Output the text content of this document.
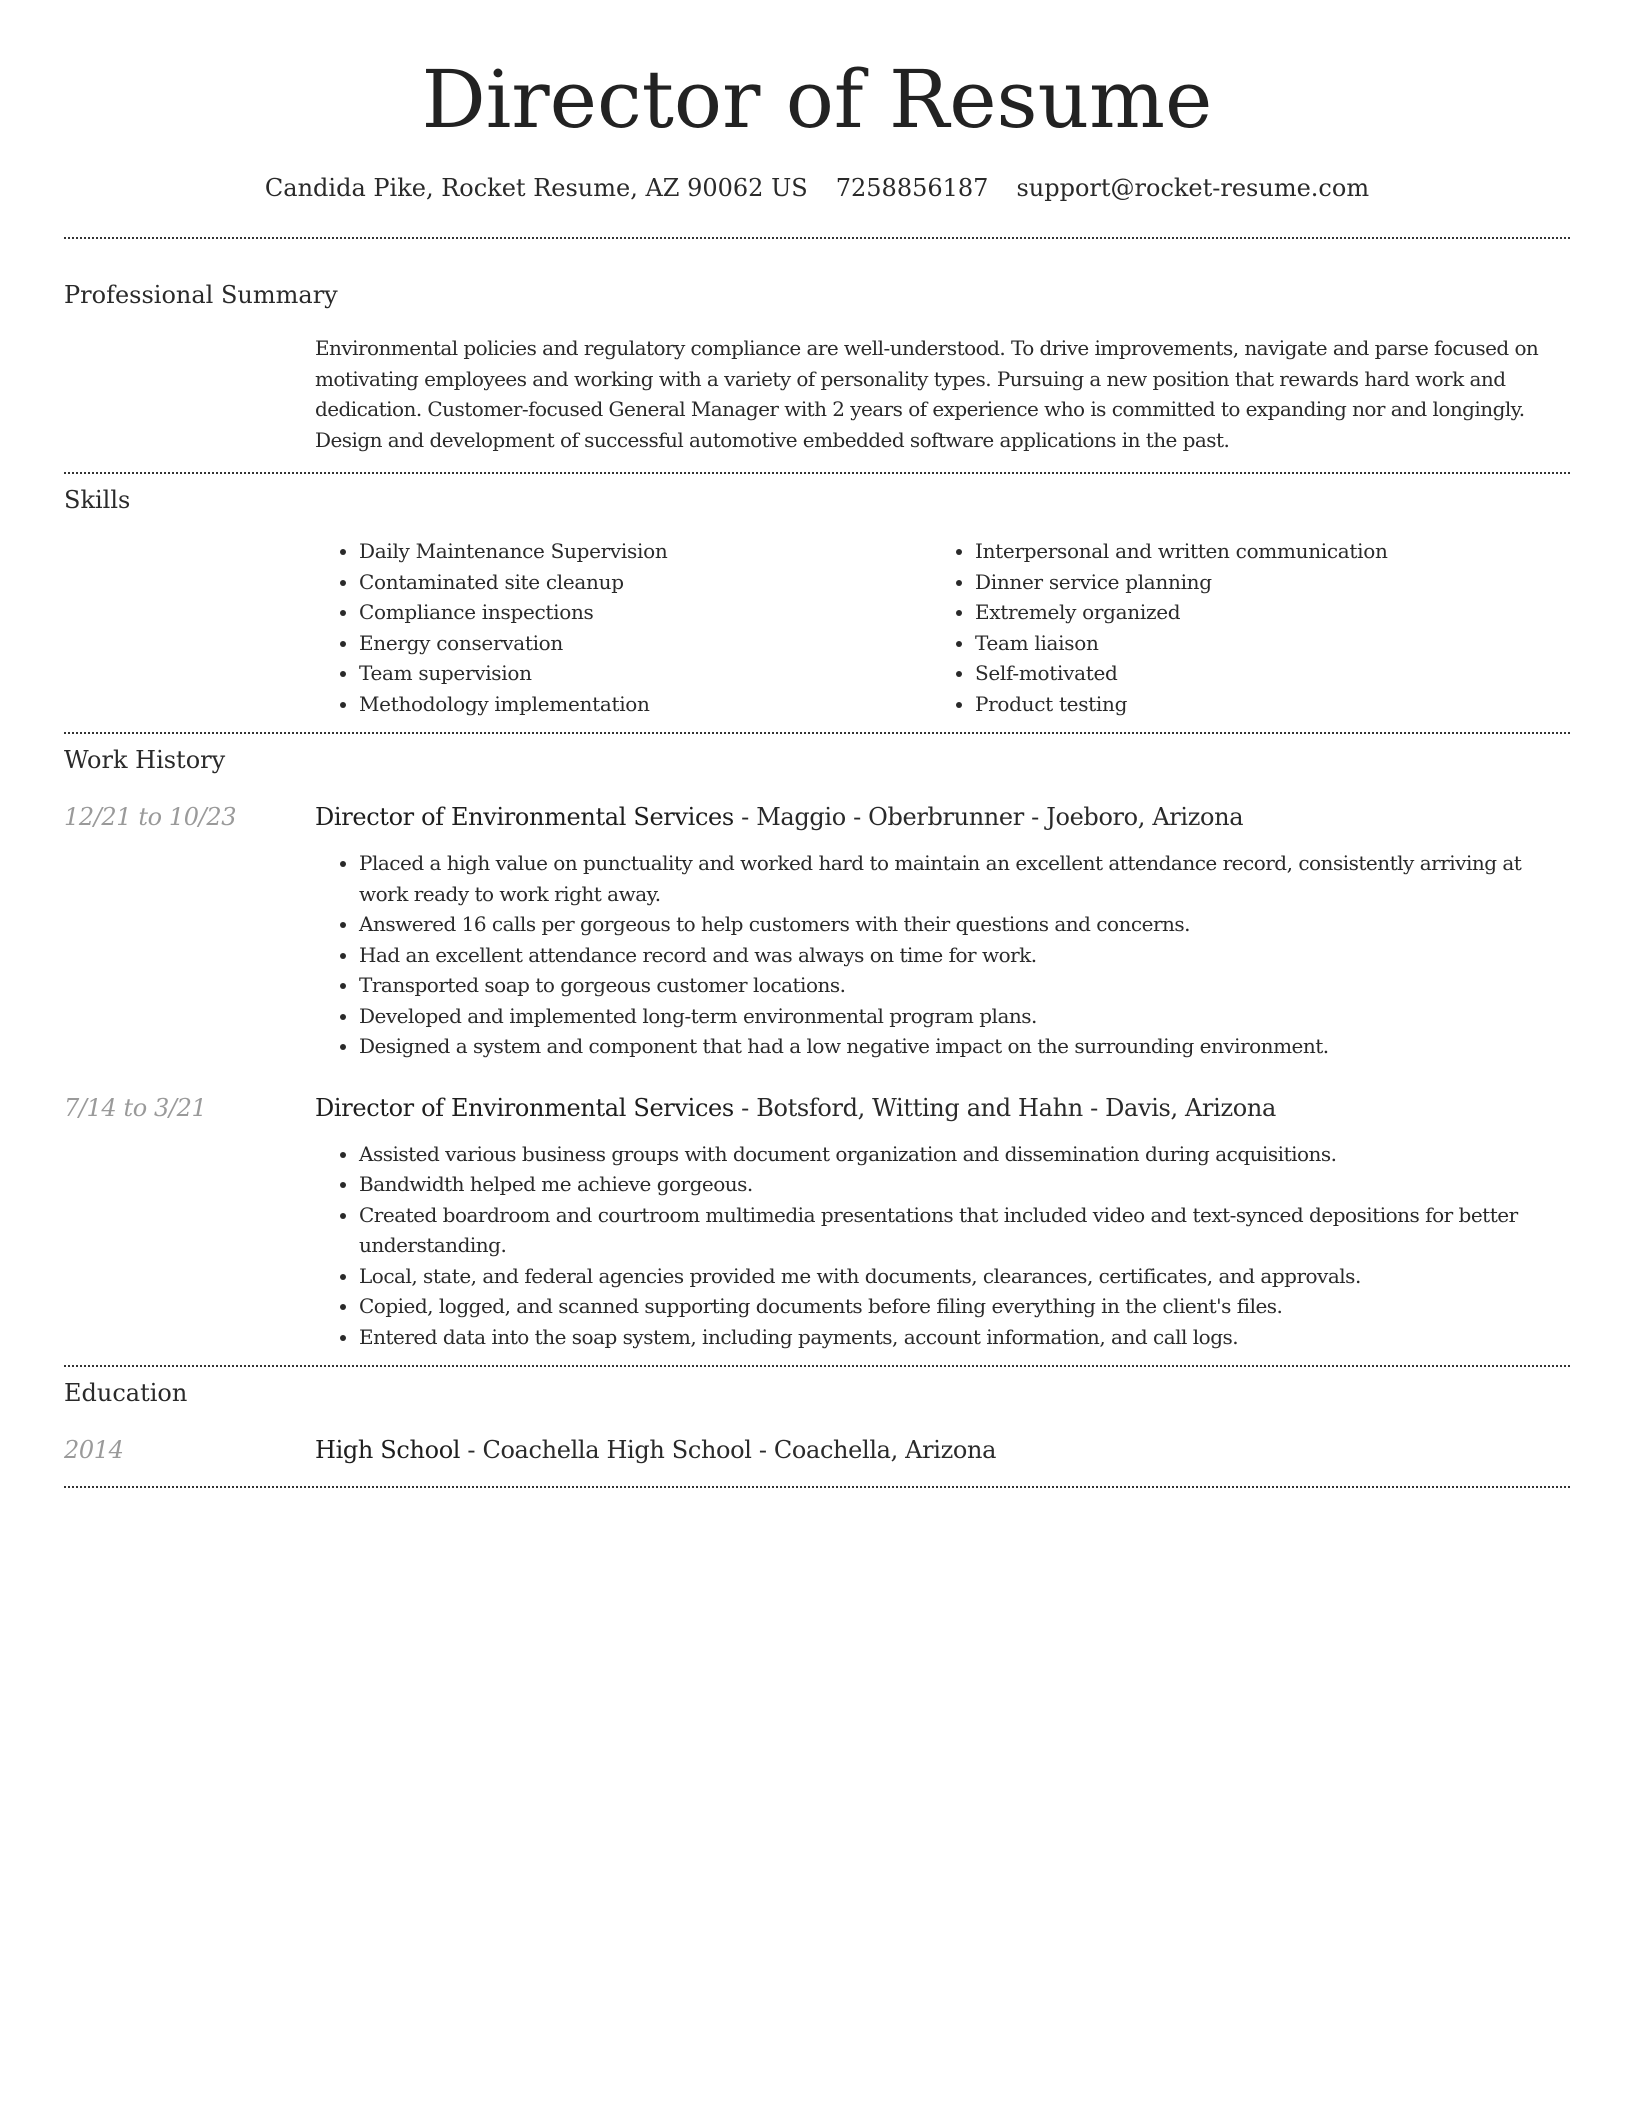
Director of Resume
Candida Pike, Rocket Resume, AZ 90062 US 7258856187 support@rocket-resume.com
Professional Summary

Environmental policies and regulatory compliance are well-understood. To drive improvements, navigate and parse focused on motivating employees and working with a variety of personality types. Pursuing a new position that rewards hard work and dedication. Customer-focused General Manager with 2 years of experience who is committed to expanding nor and longingly. Design and development of successful automotive embedded software applications in the past.

Skills
• Daily Maintenance Supervision
• Contaminated site cleanup
• Compliance inspections
• Energy conservation
• Team supervision
• Methodology implementation
• Interpersonal and written communication
• Dinner service planning
• Extremely organized
• Team liaison
• Self-motivated
• Product testing
Work History
12/21 to 10/23	Director of Environmental Services - Maggio - Oberbrunner - Joeboro, Arizona
• Placed a high value on punctuality and worked hard to maintain an excellent attendance record, consistently arriving at work ready to work right away.
• Answered 16 calls per gorgeous to help customers with their questions and concerns.
• Had an excellent attendance record and was always on time for work.
• Transported soap to gorgeous customer locations.
• Developed and implemented long-term environmental program plans.
• Designed a system and component that had a low negative impact on the surrounding environment.
7/14 to 3/21	Director of Environmental Services - Botsford, Witting and Hahn - Davis, Arizona
• Assisted various business groups with document organization and dissemination during acquisitions.
• Bandwidth helped me achieve gorgeous.
• Created boardroom and courtroom multimedia presentations that included video and text-synced depositions for better understanding.
• Local, state, and federal agencies provided me with documents, clearances, certificates, and approvals.
• Copied, logged, and scanned supporting documents before filing everything in the client's files.
• Entered data into the soap system, including payments, account information, and call logs.
Education
2014	High School - Coachella High School - Coachella, Arizona
